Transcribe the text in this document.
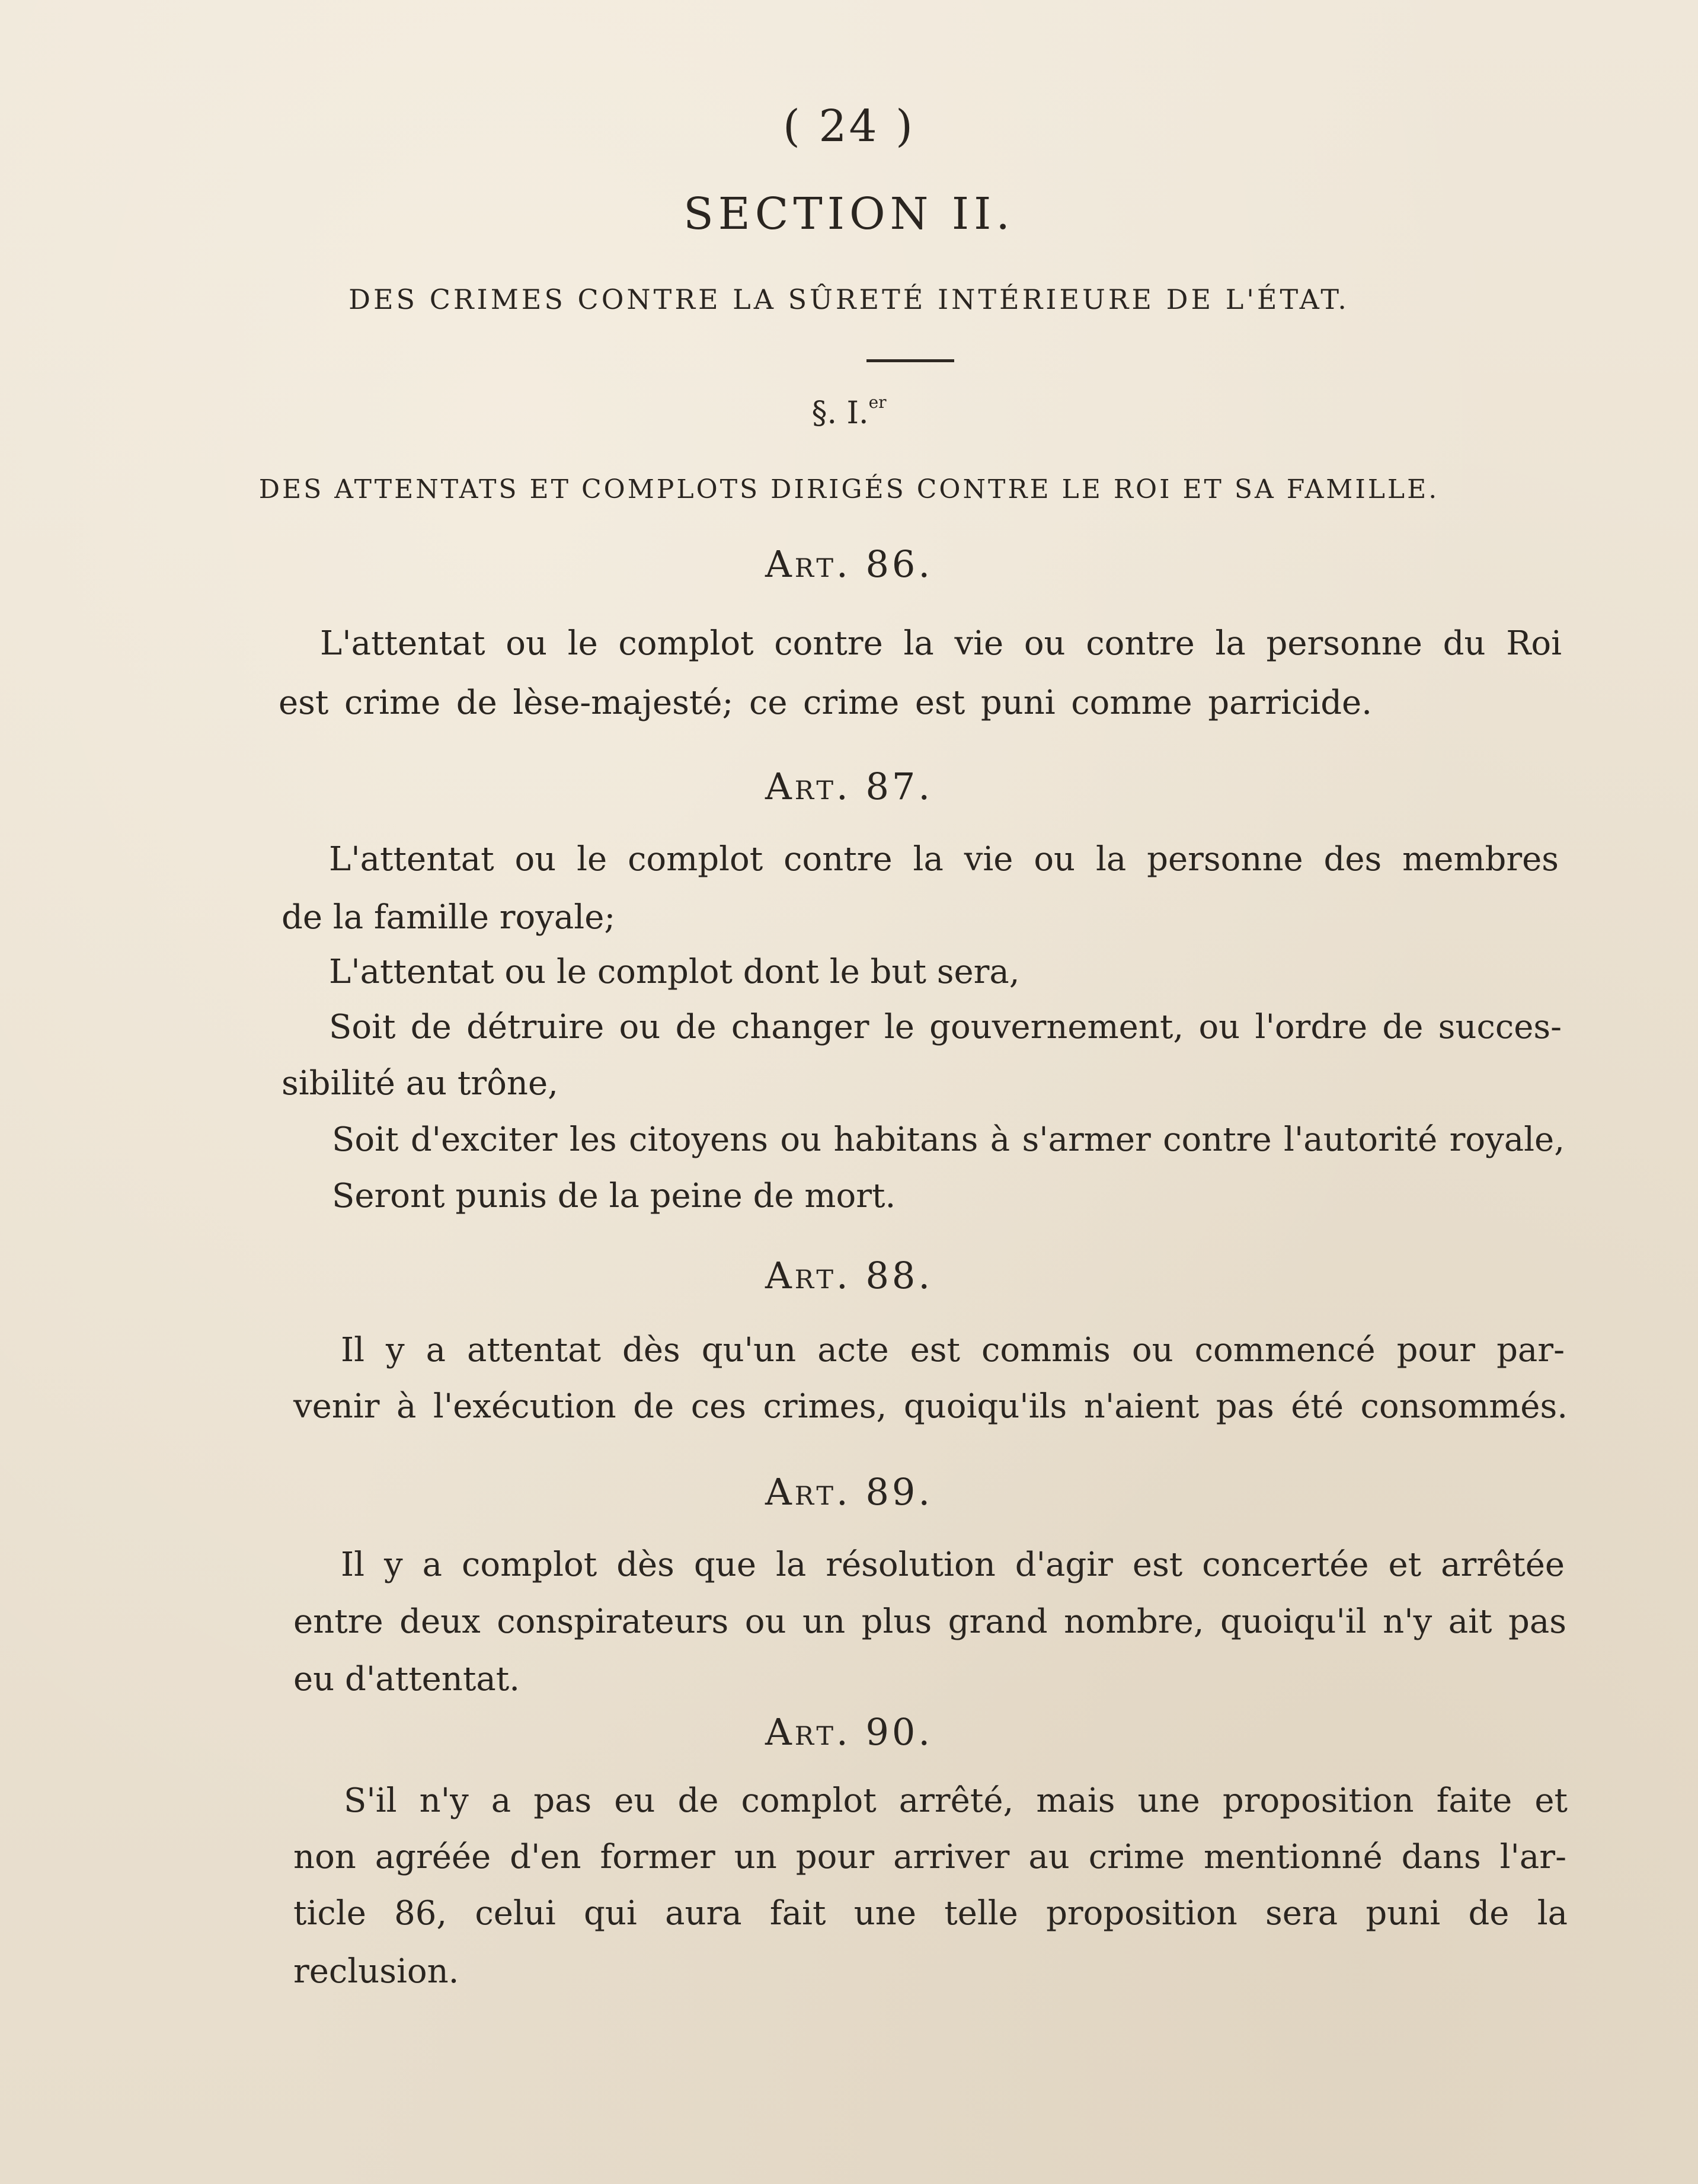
( 24 )
SECTION II.
DES CRIMES CONTRE LA SÛRETÉ INTÉRIEURE DE L'ÉTAT.
§. I.$^{er}$
DES ATTENTATS ET COMPLOTS DIRIGÉS CONTRE LE ROI ET SA FAMILLE.
Art. 86.
L'attentat ou le complot contre la vie ou contre la personne du Roi
est crime de lèse-majesté; ce crime est puni comme parricide.
Art. 87.
L'attentat ou le complot contre la vie ou la personne des membres
de la famille royale;
L'attentat ou le complot dont le but sera,
Soit de détruire ou de changer le gouvernement, ou l'ordre de succes-
sibilité au trône,
Soit d'exciter les citoyens ou habitans à s'armer contre l'autorité royale,
Seront punis de la peine de mort.
Art. 88.
Il y a attentat dès qu'un acte est commis ou commencé pour par-
venir à l'exécution de ces crimes, quoiqu'ils n'aient pas été consommés.
Art. 89.
Il y a complot dès que la résolution d'agir est concertée et arrêtée
entre deux conspirateurs ou un plus grand nombre, quoiqu'il n'y ait pas
eu d'attentat.
Art. 90.
S'il n'y a pas eu de complot arrêté, mais une proposition faite et
non agréée d'en former un pour arriver au crime mentionné dans l'ar-
ticle 86, celui qui aura fait une telle proposition sera puni de la
reclusion.
